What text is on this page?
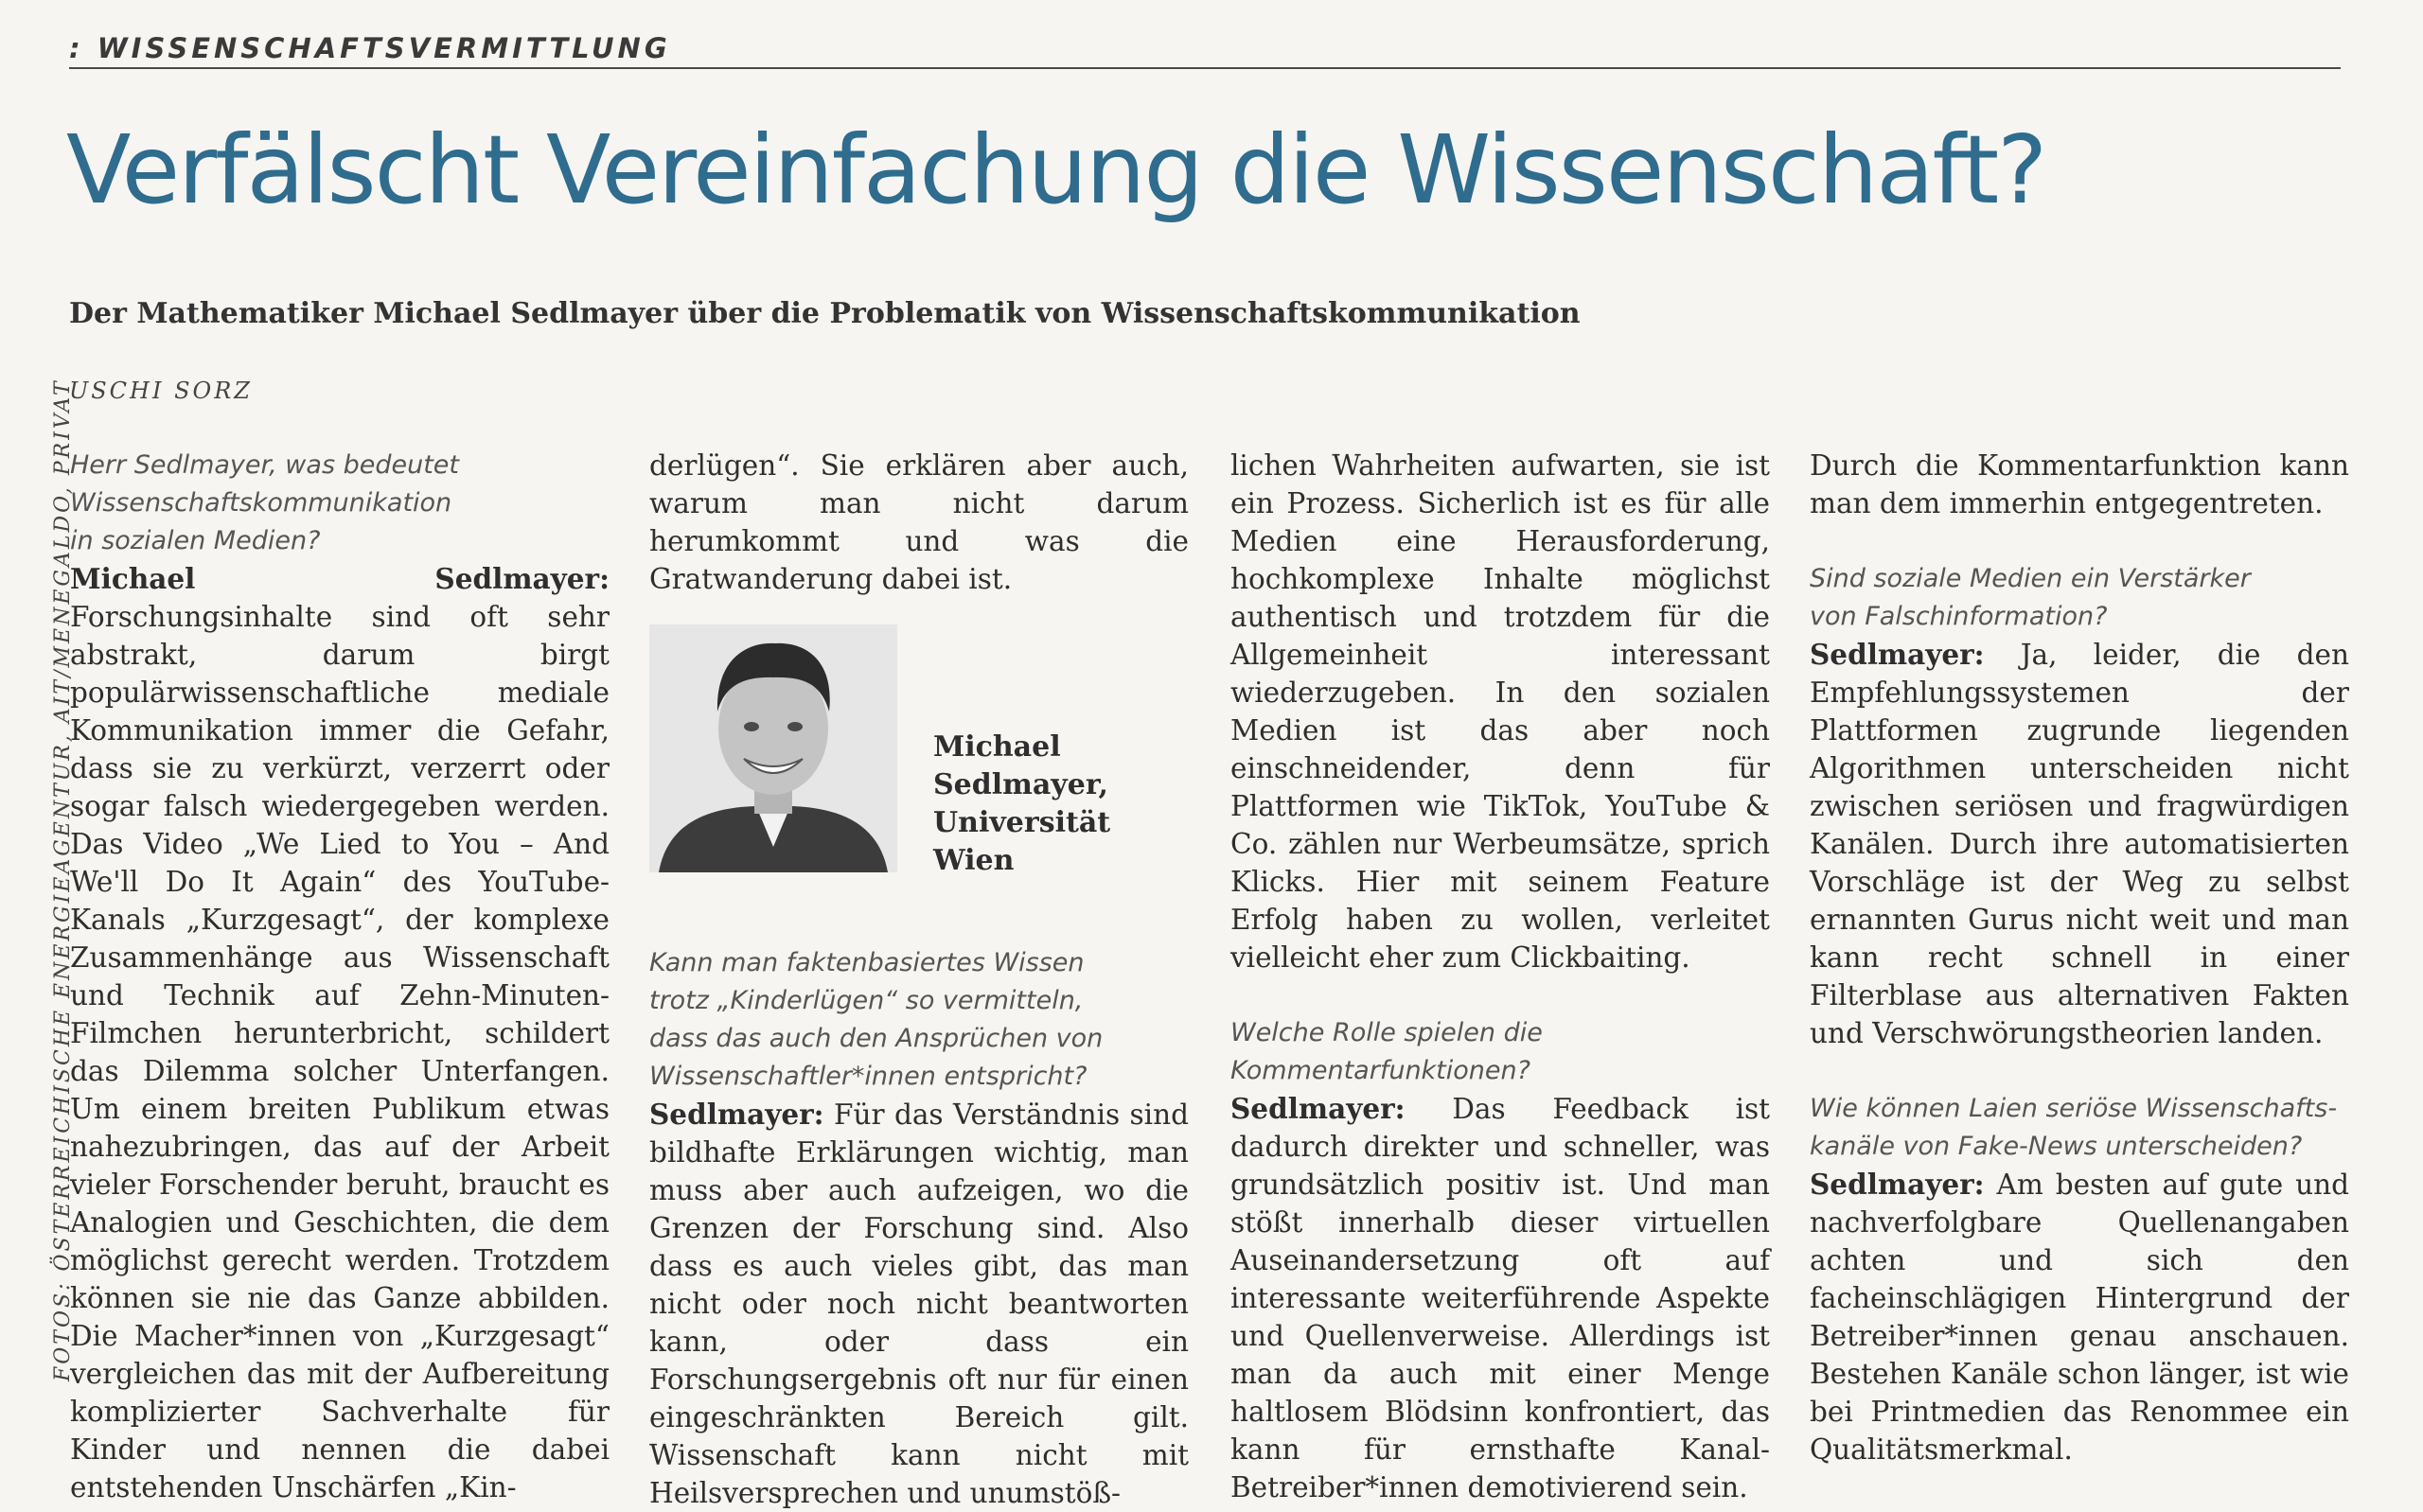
: WISSENSCHAFTSVERMITTLUNG
Verfälscht Vereinfachung die Wissenschaft?
Der Mathematiker Michael Sedlmayer über die Problematik von Wissenschaftskommunikation
USCHI SORZ
FOTOS: ÖSTERREICHISCHE ENERGIEAGENTUR, AIT/MENEGALDO, PRIVAT
Herr Sedlmayer, was bedeutet
Wissenschaftskommunikation
in sozialen Medien?

Michael Sedlmayer: Forschungsinhalte sind oft sehr abstrakt, darum birgt populärwissenschaftliche mediale Kommunikation immer die Gefahr, dass sie zu verkürzt, verzerrt oder sogar falsch wiedergegeben werden. Das Video „We Lied to You – And We'll Do It Again“ des YouTube-Kanals „Kurzgesagt“, der komplexe Zusammenhänge aus Wissenschaft und Technik auf Zehn-Minuten-Filmchen herunterbricht, schildert das Dilemma solcher Unterfangen. Um einem breiten Publikum etwas nahezubringen, das auf der Arbeit vieler Forschender beruht, braucht es Analogien und Geschichten, die dem möglichst gerecht werden. Trotzdem können sie nie das Ganze abbilden. Die Macher*innen von „Kurzgesagt“ vergleichen das mit der Aufbereitung komplizierter Sachverhalte für Kinder und nennen die dabei entstehenden Unschärfen „Kin-

derlügen“. Sie erklären aber auch, warum man nicht darum herumkommt und was die Gratwanderung dabei ist.

Michael
Sedlmayer,
Universität
Wien

Kann man faktenbasiertes Wissen
trotz „Kinderlügen“ so vermitteln,
dass das auch den Ansprüchen von
Wissenschaftler*innen entspricht?

Sedlmayer: Für das Verständnis sind bildhafte Erklärungen wichtig, man muss aber auch aufzeigen, wo die Grenzen der Forschung sind. Also dass es auch vieles gibt, das man nicht oder noch nicht beantworten kann, oder dass ein Forschungsergebnis oft nur für einen eingeschränkten Bereich gilt. Wissenschaft kann nicht mit Heilsversprechen und unumstöß-

lichen Wahrheiten aufwarten, sie ist ein Prozess. Sicherlich ist es für alle Medien eine Herausforderung, hochkomplexe Inhalte möglichst authentisch und trotzdem für die Allgemeinheit interessant wiederzugeben. In den sozialen Medien ist das aber noch einschneidender, denn für Plattformen wie TikTok, YouTube & Co. zählen nur Werbeumsätze, sprich Klicks. Hier mit seinem Feature Erfolg haben zu wollen, verleitet vielleicht eher zum Clickbaiting.

Welche Rolle spielen die
Kommentarfunktionen?

Sedlmayer: Das Feedback ist dadurch direkter und schneller, was grundsätzlich positiv ist. Und man stößt innerhalb dieser virtuellen Auseinandersetzung oft auf interessante weiterführende Aspekte und Quellenverweise. Allerdings ist man da auch mit einer Menge haltlosem Blödsinn konfrontiert, das kann für ernsthafte Kanal- Betreiber*innen demotivierend sein.

Durch die Kommentarfunktion kann man dem immerhin entgegentreten.

Sind soziale Medien ein Verstärker
von Falschinformation?

Sedlmayer: Ja, leider, die den Empfehlungssystemen der Plattformen zugrunde liegenden Algorithmen unterscheiden nicht zwischen seriösen und fragwürdigen Kanälen. Durch ihre automatisierten Vorschläge ist der Weg zu selbst ernannten Gurus nicht weit und man kann recht schnell in einer Filterblase aus alternativen Fakten und Verschwörungstheorien landen.

Wie können Laien seriöse Wissenschafts-
kanäle von Fake-News unterscheiden?

Sedlmayer: Am besten auf gute und nachverfolgbare Quellenangaben achten und sich den facheinschlägigen Hintergrund der Betreiber*innen genau anschauen. Bestehen Kanäle schon länger, ist wie bei Printmedien das Renommee ein Qualitätsmerkmal.
